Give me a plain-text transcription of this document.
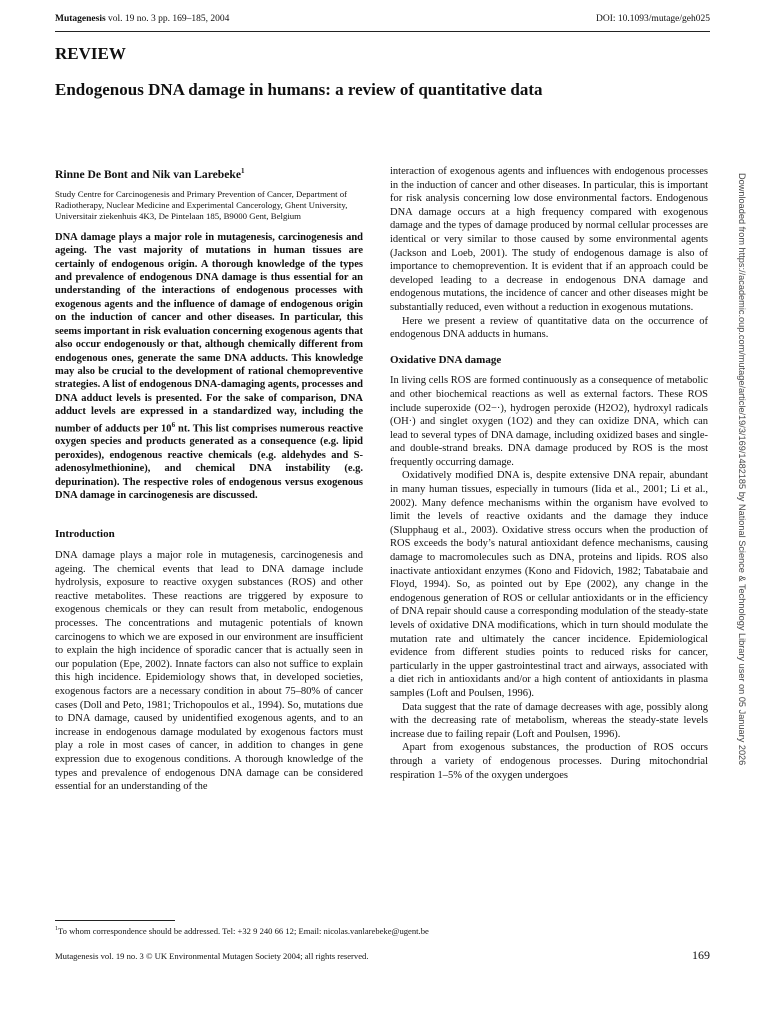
Mutagenesis vol. 19 no. 3 pp. 169–185, 2004	DOI: 10.1093/mutage/geh025
REVIEW
Endogenous DNA damage in humans: a review of quantitative data

Rinne De Bont and Nik van Larebeke$^1$

Study Centre for Carcinogenesis and Primary Prevention of Cancer, Department of Radiotherapy, Nuclear Medicine and Experimental Cancerology, Ghent University, Universitair ziekenhuis 4K3, De Pintelaan 185, B9000 Gent, Belgium

DNA damage plays a major role in mutagenesis, carcinogenesis and ageing. The vast majority of mutations in human tissues are certainly of endogenous origin. A thorough knowledge of the types and prevalence of endogenous DNA damage is thus essential for an understanding of the interactions of endogenous processes with exogenous agents and the influence of damage of endogenous origin on the induction of cancer and other diseases. In particular, this seems important in risk evaluation concerning exogenous agents that also occur endogenously or that, although chemically different from endogenous ones, generate the same DNA adducts. This knowledge may also be crucial to the development of rational chemopreventive strategies. A list of endogenous DNA-damaging agents, processes and DNA adduct levels is presented. For the sake of comparison, DNA adduct levels are expressed in a standardized way, including the number of adducts per $10^6$ nt. This list comprises numerous reactive oxygen species and products generated as a consequence (e.g. lipid peroxides), endogenous reactive chemicals (e.g. aldehydes and S-adenosylmethionine), and chemical DNA instability (e.g. depurination). The respective roles of endogenous versus exogenous DNA damage in carcinogenesis are discussed.

Introduction

DNA damage plays a major role in mutagenesis, carcinogenesis and ageing. The chemical events that lead to DNA damage include hydrolysis, exposure to reactive oxygen substances (ROS) and other reactive metabolites. These reactions are triggered by exposure to exogenous chemicals or they can result from metabolic, endogenous processes. The concentrations and mutagenic potentials of known carcinogens to which we are exposed in our environment are insufficient to explain the high incidence of sporadic cancer that is actually seen in our population (Epe, 2002). Innate factors can also not suffice to explain this high incidence. Epidemiology shows that, in developed societies, exogenous factors are a necessary condition in about 75–80% of cancer cases (Doll and Peto, 1981; Trichopoulos et al., 1994). So, mutations due to DNA damage, caused by unidentified exogenous agents, and to an increase in endogenous damage modulated by exogenous factors must play a role in most cases of cancer, in addition to changes in gene expression due to exogenous conditions. A thorough knowledge of the types and prevalence of endogenous DNA damage can be considered essential for an understanding of the

interaction of exogenous agents and influences with endogenous processes in the induction of cancer and other diseases. In particular, this is important for risk analysis concerning low dose environmental factors. Endogenous DNA damage occurs at a high frequency compared with exogenous damage and the types of damage produced by normal cellular processes are identical or very similar to those caused by some environmental agents (Jackson and Loeb, 2001). The study of endogenous damage is also of importance to chemoprevention. It is evident that if an approach could be developed leading to a decrease in endogenous DNA damage and endogenous mutations, the incidence of cancer and other diseases might be substantially reduced, even without a reduction in exogenous mutations.

Here we present a review of quantitative data on the occurrence of endogenous DNA adducts in humans.

Oxidative DNA damage

In living cells ROS are formed continuously as a consequence of metabolic and other biochemical reactions as well as external factors. These ROS include superoxide (O2−·), hydrogen peroxide (H2O2), hydroxyl radicals (OH·) and singlet oxygen (1O2) and they can oxidize DNA, which can lead to several types of DNA damage, including oxidized bases and single- and double-strand breaks. DNA damage produced by ROS is the most frequently occurring damage.

Oxidatively modified DNA is, despite extensive DNA repair, abundant in many human tissues, especially in tumours (Iida et al., 2001; Li et al., 2002). Many defence mechanisms within the organism have evolved to limit the levels of reactive oxidants and the damage they induce (Slupphaug et al., 2003). Oxidative stress occurs when the production of ROS exceeds the body’s natural antioxidant defence mechanisms, causing damage to macromolecules such as DNA, proteins and lipids. ROS also inactivate antioxidant enzymes (Kono and Fidovich, 1982; Tabatabaie and Floyd, 1994). So, as pointed out by Epe (2002), any change in the endogenous generation of ROS or cellular antioxidants or in the efficiency of DNA repair should cause a corresponding modulation of the steady-state levels of oxidative DNA modifications, which in turn should modulate the mutation rate and ultimately the cancer incidence. Epidemiological evidence from different studies points to reduced risks for cancer, particularly in the upper gastrointestinal tract and airways, associated with a diet rich in antioxidants and/or a high content of antioxidants in plasma samples (Loft and Poulsen, 1996).

Data suggest that the rate of damage decreases with age, possibly along with the decreasing rate of metabolism, whereas the steady-state levels increase due to failing repair (Loft and Poulsen, 1996).

Apart from exogenous substances, the production of ROS occurs through a variety of endogenous processes. During mitochondrial respiration 1–5% of the oxygen undergoes

$^1$To whom correspondence should be addressed. Tel: +32 9 240 66 12; Email: nicolas.vanlarebeke@ugent.be
Mutagenesis vol. 19 no. 3 © UK Environmental Mutagen Society 2004; all rights reserved.	169
Downloaded from https://academic.oup.com/mutage/article/19/3/169/1482185 by National Science & Technology Library user on 05 January 2026
